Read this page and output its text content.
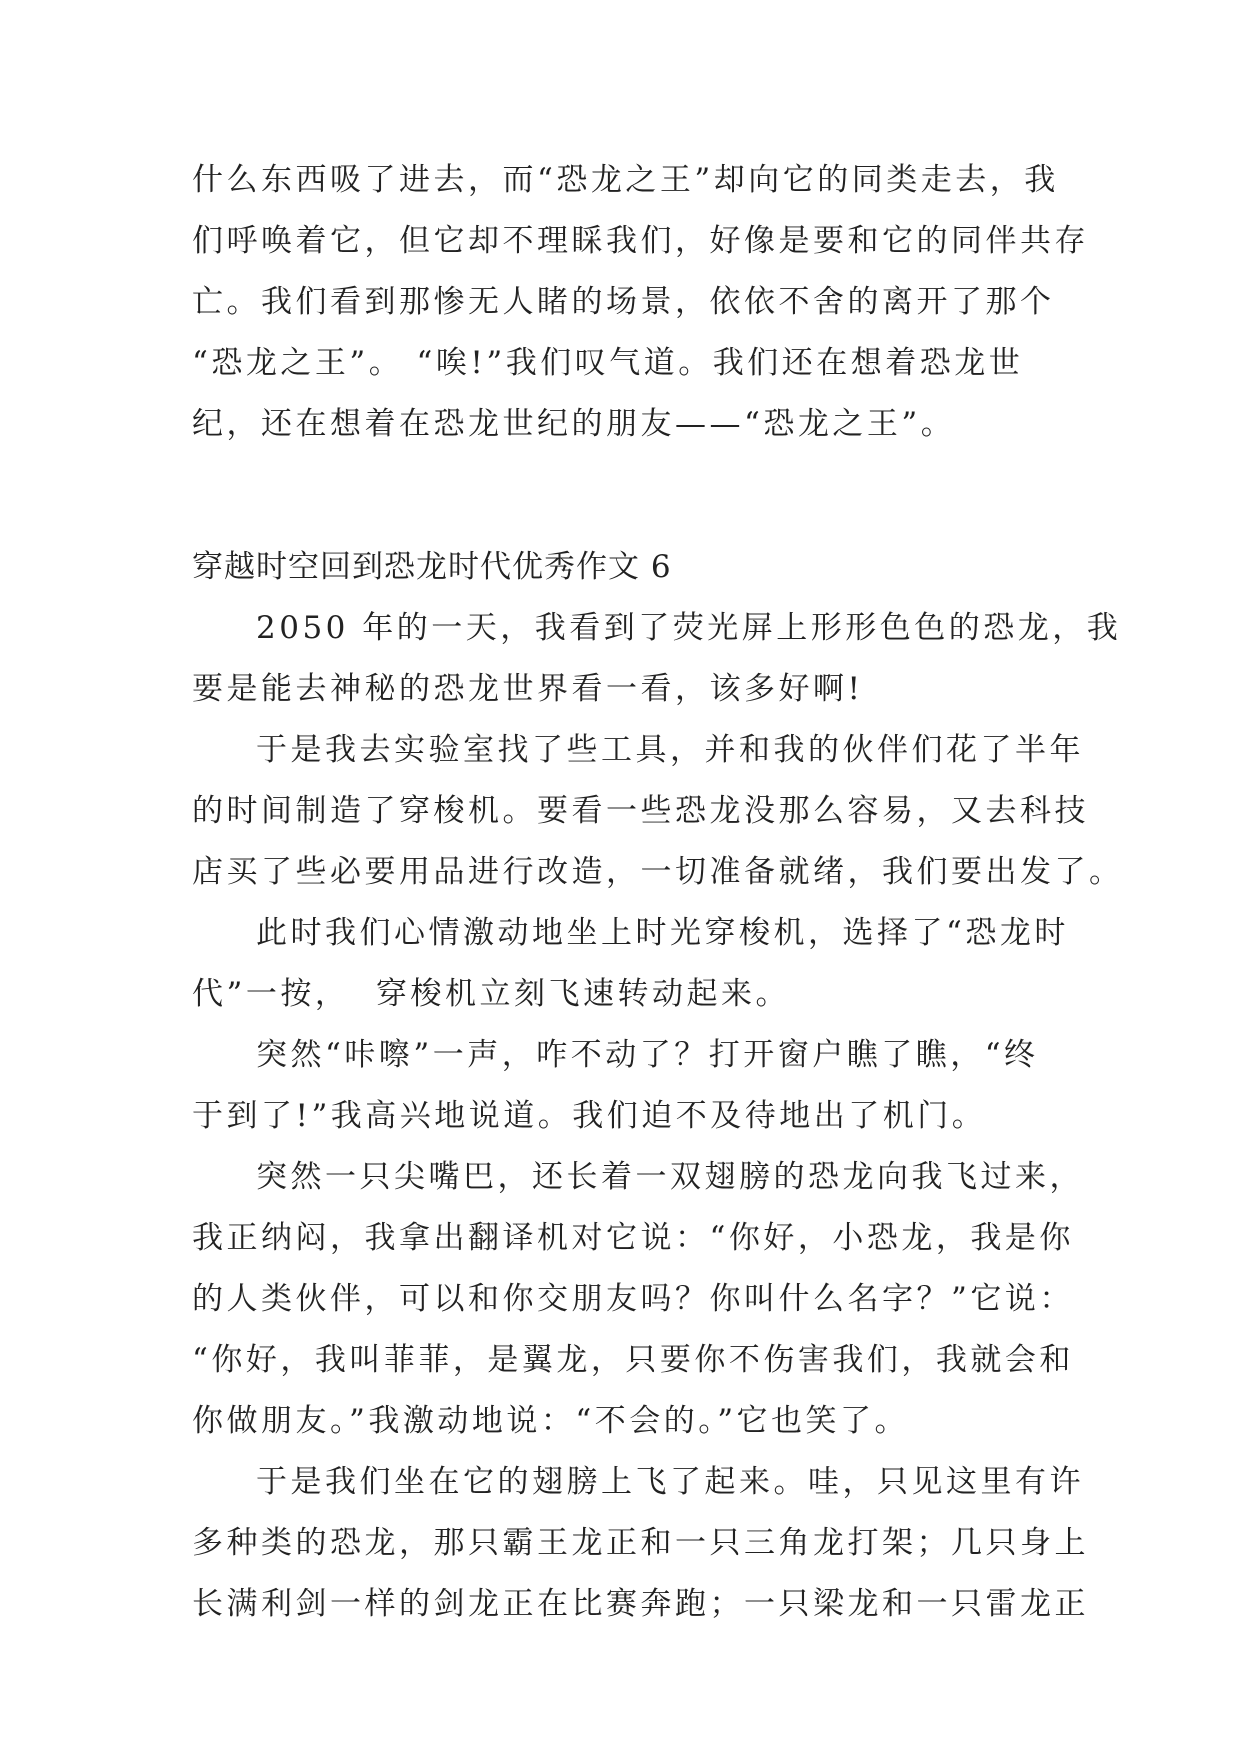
什么东西吸了进去，而“恐龙之王”却向它的同类走去，我
们呼唤着它，但它却不理睬我们，好像是要和它的同伴共存
亡。我们看到那惨无人睹的场景，依依不舍的离开了那个
“恐龙之王”。 “唉!”我们叹气道。我们还在想着恐龙世
纪，还在想着在恐龙世纪的朋友——“恐龙之王”。
穿越时空回到恐龙时代优秀作文 6
2050 年的一天，我看到了荧光屏上形形色色的恐龙，我
要是能去神秘的恐龙世界看一看，该多好啊!
于是我去实验室找了些工具，并和我的伙伴们花了半年
的时间制造了穿梭机。要看一些恐龙没那么容易，又去科技
店买了些必要用品进行改造，一切准备就绪，我们要出发了。
此时我们心情激动地坐上时光穿梭机，选择了“恐龙时
代”一按，  穿梭机立刻飞速转动起来。
突然“咔嚓”一声，咋不动了？打开窗户瞧了瞧，“终
于到了!”我高兴地说道。我们迫不及待地出了机门。
突然一只尖嘴巴，还长着一双翅膀的恐龙向我飞过来，
我正纳闷，我拿出翻译机对它说：“你好，小恐龙，我是你
的人类伙伴，可以和你交朋友吗？你叫什么名字？”它说：
“你好，我叫菲菲，是翼龙，只要你不伤害我们，我就会和
你做朋友。”我激动地说：“不会的。”它也笑了。
于是我们坐在它的翅膀上飞了起来。哇，只见这里有许
多种类的恐龙，那只霸王龙正和一只三角龙打架；几只身上
长满利剑一样的剑龙正在比赛奔跑；一只梁龙和一只雷龙正
